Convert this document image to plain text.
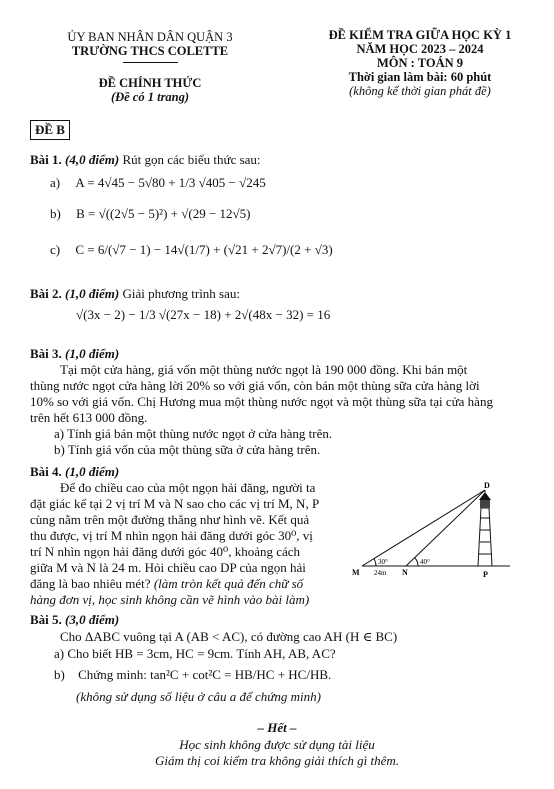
ỦY BAN NHÂN DÂN QUẬN 3
TRƯỜNG THCS COLETTE
ĐỀ CHÍNH THỨC
(Đề có 1 trang)
ĐỀ KIỂM TRA GIỮA HỌC KỲ 1
NĂM HỌC 2023 – 2024
MÔN : TOÁN 9
Thời gian làm bài: 60 phút
(không kể thời gian phát đề)
ĐỀ B
Bài 1. (4,0 điểm) Rút gọn các biểu thức sau:
a) A = 4√45 − 5√80 + 1/3 √405 − √245
b) B = √((2√5 − 5)²) + √(29 − 12√5)
c) C = 6/(√7 − 1) − 14√(1/7) + (√21 + 2√7)/(2 + √3)
Bài 2. (1,0 điểm) Giải phương trình sau:
√(3x − 2) − 1/3 √(27x − 18) + 2√(48x − 32) = 16
Bài 3. (1,0 điểm)
Tại một cửa hàng, giá vốn một thùng nước ngọt là 190 000 đồng. Khi bán một
thùng nước ngọt cửa hàng lời 20% so với giá vốn, còn bán một thùng sữa cửa hàng lời
10% so với giá vốn. Chị Hương mua một thùng nước ngọt và một thùng sữa tại cửa hàng
trên hết 613 000 đồng.
a) Tính giá bán một thùng nước ngọt ở cửa hàng trên.
b) Tính giá vốn của một thùng sữa ở cửa hàng trên.
Bài 4. (1,0 điểm)
Để đo chiều cao của một ngọn hải đăng, người ta
đặt giác kế tại 2 vị trí M và N sao cho các vị trí M, N, P
cùng nằm trên một đường thẳng như hình vẽ. Kết quả
thu được, vị trí M nhìn ngọn hải đăng dưới góc 30⁰, vị
trí N nhìn ngọn hải đăng dưới góc 40⁰, khoảng cách
giữa M và N là 24 m. Hỏi chiều cao DP của ngọn hải
đăng là bao nhiêu mét? (làm tròn kết quả đến chữ số
hàng đơn vị, học sinh không cần vẽ hình vào bài làm)
D
M	N	P
30°	40°
24m
Bài 5. (3,0 điểm)
Cho ΔABC vuông tại A (AB < AC), có đường cao AH (H ∈ BC)
a) Cho biết HB = 3cm, HC = 9cm. Tính AH, AB, AC?
b) Chứng minh: tan²C + cot²C = HB/HC + HC/HB.
(không sử dụng số liệu ở câu a để chứng minh)
– Hết –
Học sinh không được sử dụng tài liệu
Giám thị coi kiểm tra không giải thích gì thêm.
